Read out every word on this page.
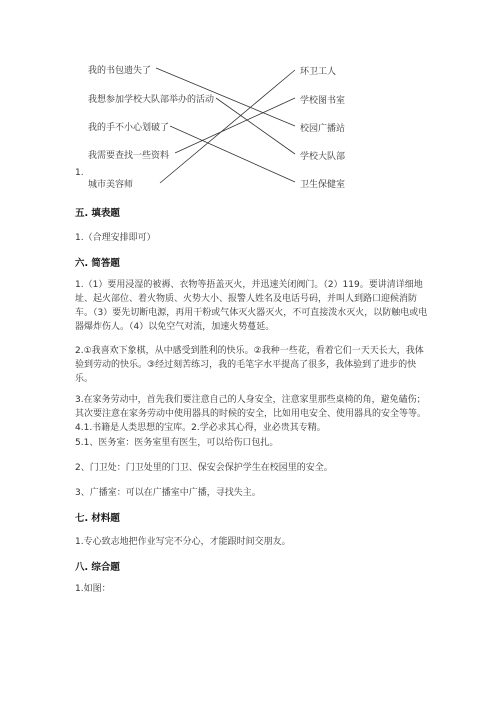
我的书包遗失了
我想参加学校大队部举办的活动
我的手不小心划破了
我需要查找一些资料
1.
城市美容师
环卫工人
学校图书室
校园广播站
学校大队部
卫生保健室
五. 填表题
1.（合理安排即可）
六. 简答题
1.（1）要用浸湿的被褥、衣物等捂盖灭火，并迅速关闭阀门。（2）119。要讲清详细地址、起火部位、着火物质、火势大小、报警人姓名及电话号码，并叫人到路口迎候消防车。（3）要先切断电源，再用干粉或气体灭火器灭火，不可直接泼水灭火，以防触电或电器爆炸伤人。（4）以免空气对流，加速火势蔓延。
2.①我喜欢下象棋，从中感受到胜利的快乐。②我种一些花，看着它们一天天长大，我体验到劳动的快乐。③经过刻苦练习，我的毛笔字水平提高了很多，我体验到了进步的快乐。
3.在家务劳动中，首先我们要注意自己的人身安全，注意家里那些桌椅的角，避免磕伤；其次要注意在家务劳动中使用器具的时候的安全，比如用电安全、使用器具的安全等等。
4.1.书籍是人类思想的宝库。2.学必求其心得，业必贵其专精。
5.1、医务室：医务室里有医生，可以给伤口包扎。
2、门卫处：门卫处里的门卫、保安会保护学生在校园里的安全。
3、广播室：可以在广播室中广播，寻找失主。
七. 材料题
1.专心致志地把作业写完不分心，才能跟时间交朋友。
八. 综合题
1.如图：
